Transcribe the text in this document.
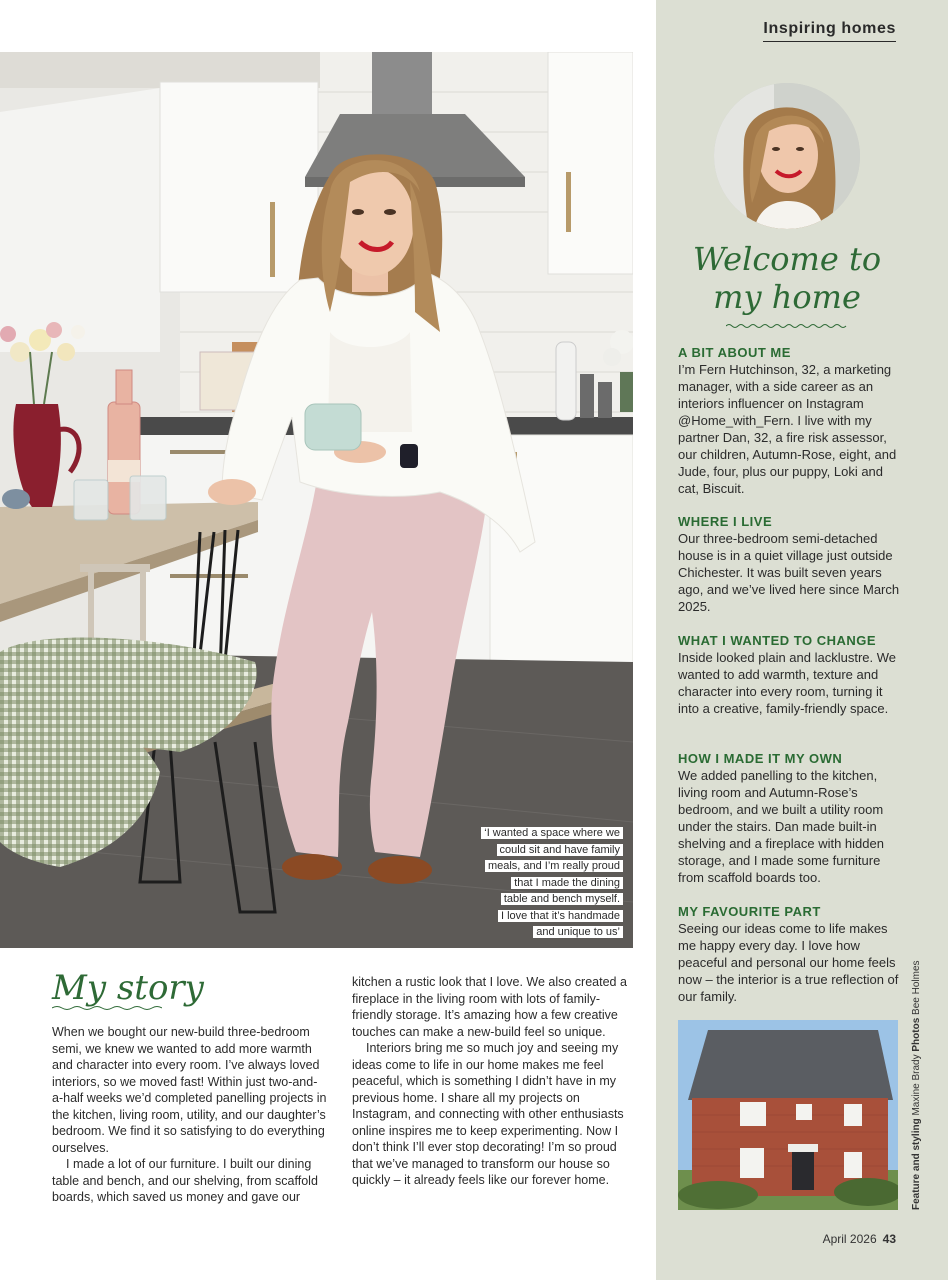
‘I wanted a space where we
could sit and have family
meals, and I’m really proud
that I made the dining
table and bench myself.
I love that it’s handmade
and unique to us’
My story

When we bought our new-build three-bedroom semi, we knew we wanted to add more warmth and character into every room. I’ve always loved interiors, so we moved fast! Within just two-and-a-half weeks we’d completed panelling projects in the kitchen, living room, utility, and our daughter’s bedroom. We find it so satisfying to do everything ourselves.

I made a lot of our furniture. I built our dining table and bench, and our shelving, from scaffold boards, which saved us money and gave our

kitchen a rustic look that I love. We also created a fireplace in the living room with lots of family-friendly storage. It’s amazing how a few creative touches can make a new-build feel so unique.

Interiors bring me so much joy and seeing my ideas come to life in our home makes me feel peaceful, which is something I didn’t have in my previous home. I share all my projects on Instagram, and connecting with other enthusiasts online inspires me to keep experimenting. Now I don’t think I’ll ever stop decorating! I’m so proud that we’ve managed to transform our house so quickly – it already feels like our forever home.

Inspiring homes
Welcome to my home
A BIT ABOUT ME
I’m Fern Hutchinson, 32, a marketing manager, with a side career as an interiors influencer on Instagram @Home_with_Fern. I live with my partner Dan, 32, a fire risk assessor, our children, Autumn-Rose, eight, and Jude, four, plus our puppy, Loki and cat, Biscuit.
WHERE I LIVE
Our three-bedroom semi-detached house is in a quiet village just outside Chichester. It was built seven years ago, and we’ve lived here since March 2025.
WHAT I WANTED TO CHANGE
Inside looked plain and lacklustre. We wanted to add warmth, texture and character into every room, turning it into a creative, family-friendly space.
HOW I MADE IT MY OWN
We added panelling to the kitchen, living room and Autumn-Rose’s bedroom, and we built a utility room under the stairs. Dan made built-in shelving and a fireplace with hidden storage, and I made some furniture from scaffold boards too.
MY FAVOURITE PART
Seeing our ideas come to life makes me happy every day. I love how peaceful and personal our home feels now – the interior is a true reflection of our family.
Feature and styling Maxine Brady Photos Bee Holmes
April 2026 43
